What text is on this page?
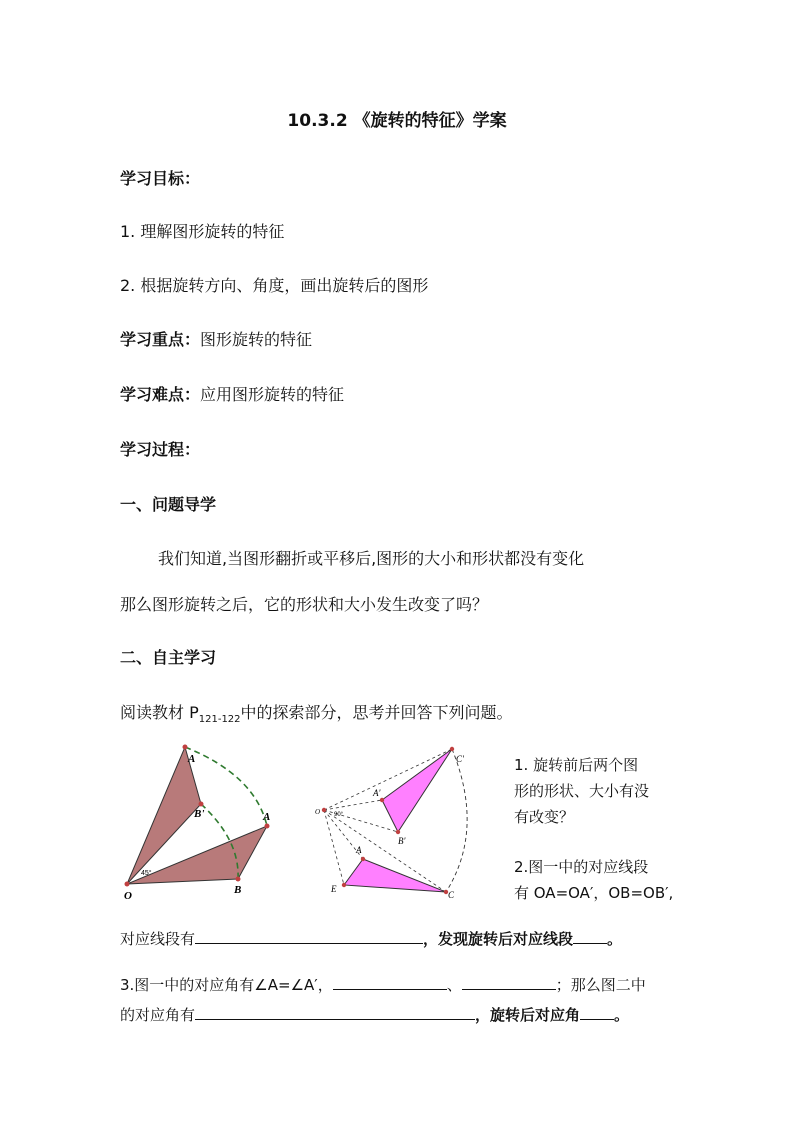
10.3.2 《旋转的特征》学案
学习目标：
1. 理解图形旋转的特征
2. 根据旋转方向、角度，画出旋转后的图形
学习重点：图形旋转的特征
学习难点：应用图形旋转的特征
学习过程：
一、问题导学
我们知道,当图形翻折或平移后,图形的大小和形状都没有变化
那么图形旋转之后，它的形状和大小发生改变了吗？
二、自主学习
阅读教材 $P_{121-122}$中的探索部分，思考并回答下列问题。
A
B'	A
O	B
45°
C'
A'
B'
A
E
C
O 90°
1. 旋转前后两个图
形的形状、大小有没
有改变？
2.图一中的对应线段
有 OA=OA′，OB=OB′,
对应线段有	，发现旋转后对应线段 。
3.图一中的对应角有∠A=∠A′，	、	；那么图二中
的对应角有	，旋转后对应角 。
